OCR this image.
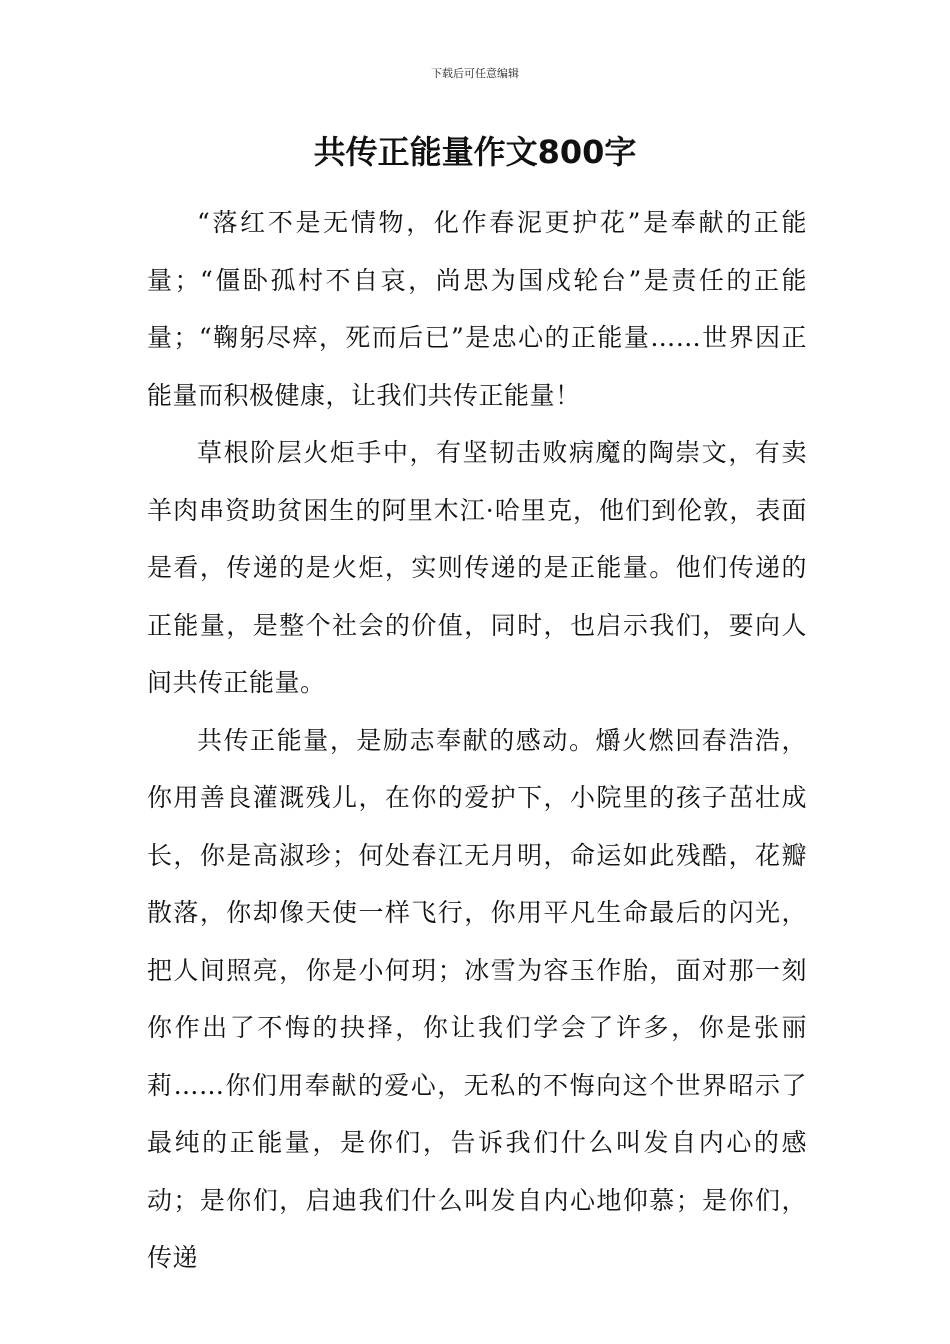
下载后可任意编辑
共传正能量作文800字

“落红不是无情物，化作春泥更护花”是奉献的正能量；“僵卧孤村不自哀，尚思为国戍轮台”是责任的正能量；“鞠躬尽瘁，死而后已”是忠心的正能量……世界因正能量而积极健康，让我们共传正能量！

草根阶层火炬手中，有坚韧击败病魔的陶崇文，有卖羊肉串资助贫困生的阿里木江·哈里克，他们到伦敦，表面是看，传递的是火炬，实则传递的是正能量。他们传递的正能量，是整个社会的价值，同时，也启示我们，要向人间共传正能量。

共传正能量，是励志奉献的感动。爝火燃回春浩浩，你用善良灌溉残儿，在你的爱护下，小院里的孩子茁壮成长，你是高淑珍；何处春江无月明，命运如此残酷，花瓣散落，你却像天使一样飞行，你用平凡生命最后的闪光，把人间照亮，你是小何玥；冰雪为容玉作胎，面对那一刻你作出了不悔的抉择，你让我们学会了许多，你是张丽莉……你们用奉献的爱心，无私的不悔向这个世界昭示了最纯的正能量，是你们，告诉我们什么叫发自内心的感动；是你们，启迪我们什么叫发自内心地仰慕；是你们，传递
